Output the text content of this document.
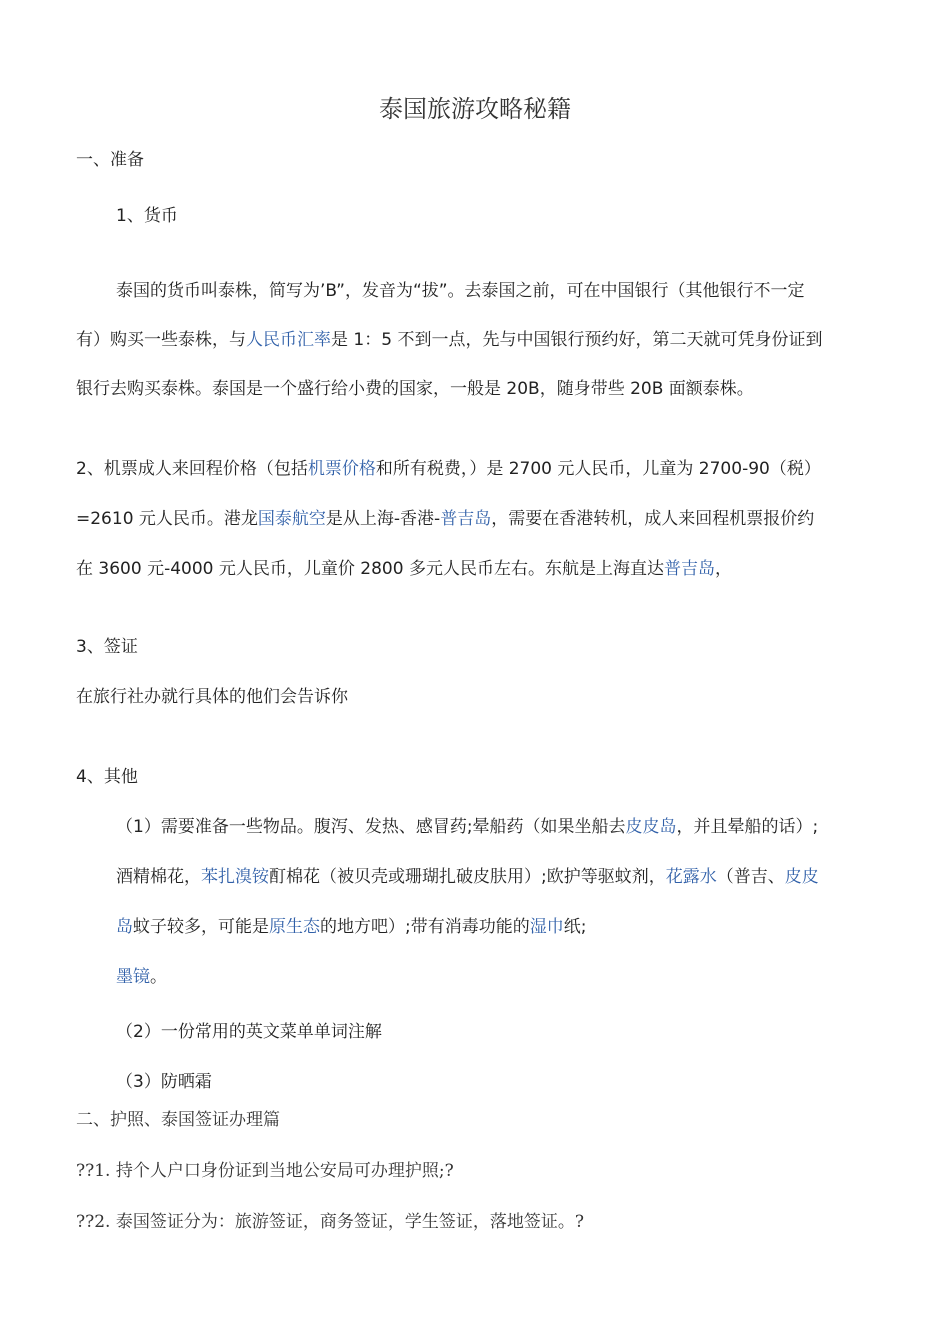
泰国旅游攻略秘籍
一、准备
1、货币
泰国的货币叫泰株，简写为’B”，发音为“拔”。去泰国之前，可在中国银行（其他银行不一定
有）购买一些泰株，与人民币汇率是 1：5 不到一点，先与中国银行预约好，第二天就可凭身份证到
银行去购买泰株。泰国是一个盛行给小费的国家，一般是 20B，随身带些 20B 面额泰株。
2、机票成人来回程价格（包括机票价格和所有税费，）是 2700 元人民币，儿童为 2700-90（税）
=2610 元人民币。港龙国泰航空是从上海-香港-普吉岛，需要在香港转机，成人来回程机票报价约
在 3600 元-4000 元人民币，儿童价 2800 多元人民币左右。东航是上海直达普吉岛，
3、签证
在旅行社办就行具体的他们会告诉你
4、其他
（1）需要准备一些物品。腹泻、发热、感冒药;晕船药（如果坐船去皮皮岛，并且晕船的话）;
酒精棉花，苯扎溴铵酊棉花（被贝壳或珊瑚扎破皮肤用）;欧护等驱蚊剂，花露水（普吉、皮皮
岛蚊子较多，可能是原生态的地方吧）;带有消毒功能的湿巾纸;
墨镜。
（2）一份常用的英文菜单单词注解
（3）防晒霜
二、护照、泰国签证办理篇
??1. 持个人户口身份证到当地公安局可办理护照;?
??2. 泰国签证分为：旅游签证，商务签证，学生签证，落地签证。?
